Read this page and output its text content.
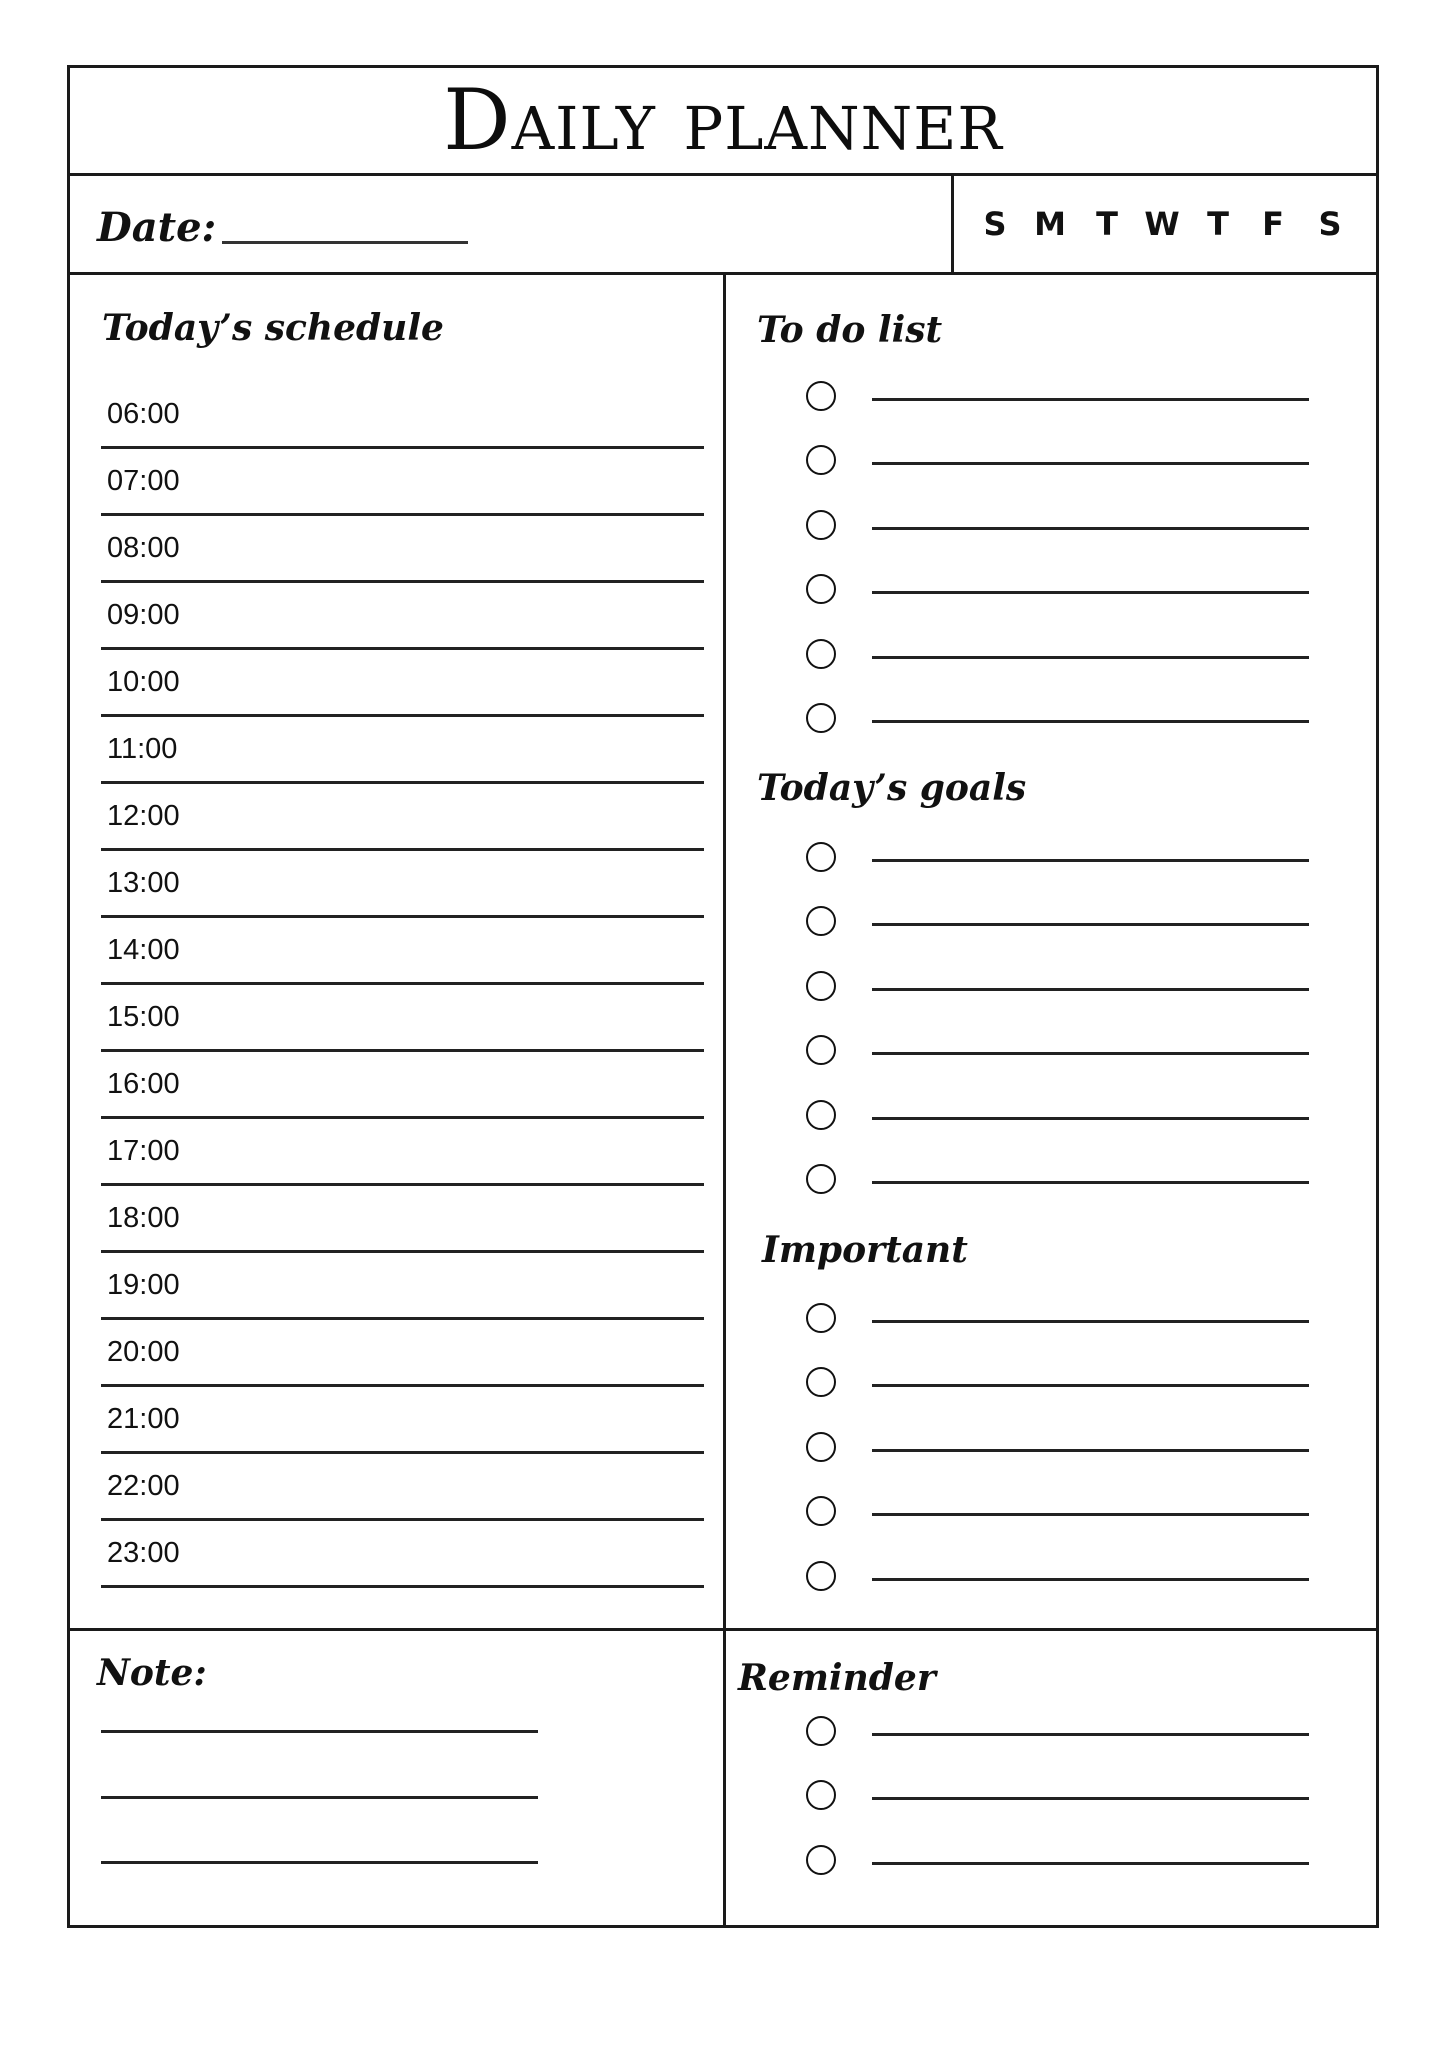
Daily planner
Date:	S M T W T F S
Today’s schedule
06:00
07:00
08:00
09:00
10:00
11:00
12:00
13:00
14:00
15:00
16:00
17:00
18:00
19:00
20:00
21:00
22:00
23:00
To do list
Today’s goals
Important
Note:	Reminder
